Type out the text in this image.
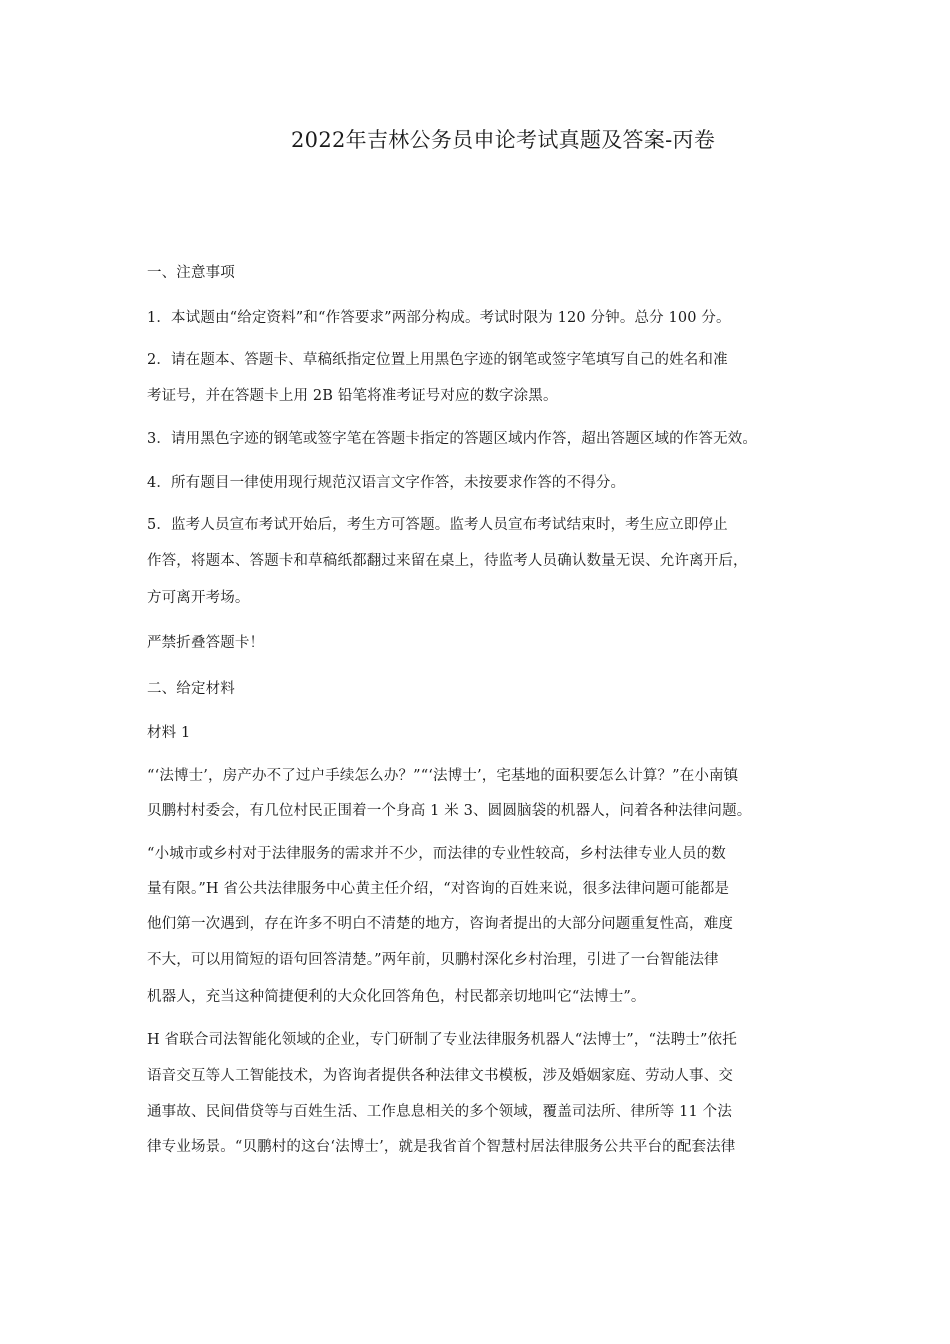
2022年吉林公务员申论考试真题及答案-丙卷
一、注意事项
1．本试题由“给定资料”和“作答要求”两部分构成。考试时限为 120 分钟。总分 100 分。
2．请在题本、答题卡、草稿纸指定位置上用黑色字迹的钢笔或签字笔填写自己的姓名和准
考证号，并在答题卡上用 2B 铅笔将准考证号对应的数字涂黑。
3．请用黑色字迹的钢笔或签字笔在答题卡指定的答题区域内作答，超出答题区域的作答无效。
4．所有题目一律使用现行规范汉语言文字作答，未按要求作答的不得分。
5．监考人员宣布考试开始后，考生方可答题。监考人员宣布考试结束时，考生应立即停止
作答，将题本、答题卡和草稿纸都翻过来留在桌上，待监考人员确认数量无误、允许离开后，
方可离开考场。
严禁折叠答题卡！
二、给定材料
材料 1
“‘法博士’，房产办不了过户手续怎么办？”“‘法博士’，宅基地的面积要怎么计算？”在小南镇
贝鹏村村委会，有几位村民正围着一个身高 1 米 3、圆圆脑袋的机器人，问着各种法律问题。
“小城市或乡村对于法律服务的需求并不少，而法律的专业性较高，乡村法律专业人员的数
量有限。”H 省公共法律服务中心黄主任介绍，“对咨询的百姓来说，很多法律问题可能都是
他们第一次遇到，存在许多不明白不清楚的地方，咨询者提出的大部分问题重复性高，难度
不大，可以用简短的语句回答清楚。”两年前，贝鹏村深化乡村治理，引进了一台智能法律
机器人，充当这种简捷便利的大众化回答角色，村民都亲切地叫它“法博士”。
H 省联合司法智能化领域的企业，专门研制了专业法律服务机器人“法博士”，“法聘士”依托
语音交互等人工智能技术，为咨询者提供各种法律文书模板，涉及婚姻家庭、劳动人事、交
通事故、民间借贷等与百姓生活、工作息息相关的多个领域，覆盖司法所、律所等 11 个法
律专业场景。“贝鹏村的这台‘法博士’，就是我省首个智慧村居法律服务公共平台的配套法律
